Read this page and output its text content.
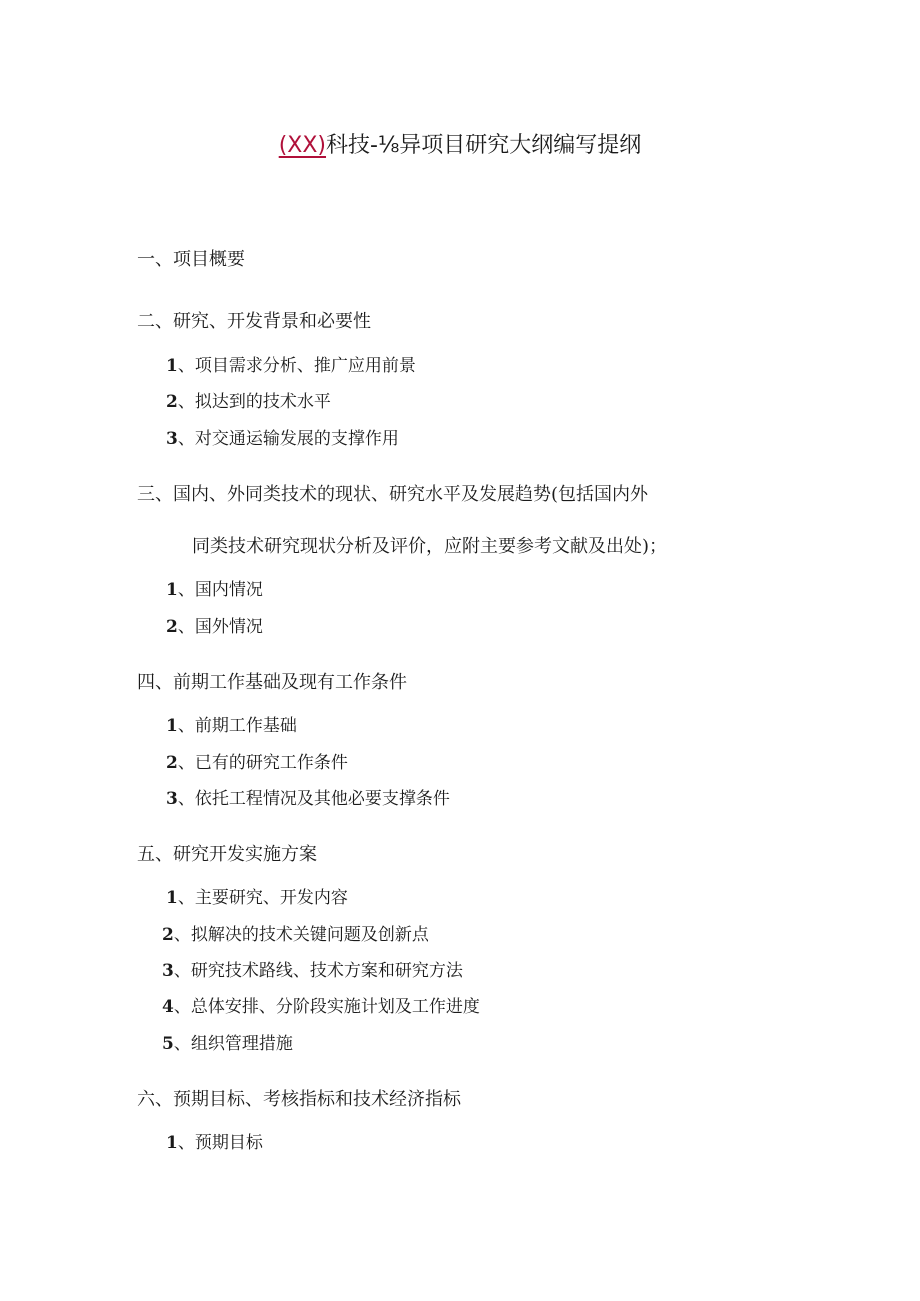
(XX)科技-⅛异项目研究大纲编写提纲
一、项目概要
二、研究、开发背景和必要性
1、项目需求分析、推广应用前景
2、拟达到的技术水平
3、对交通运输发展的支撑作用
三、国内、外同类技术的现状、研究水平及发展趋势(包括国内外
同类技术研究现状分析及评价，应附主要参考文献及出处)；
1、国内情况
2、国外情况
四、前期工作基础及现有工作条件
1、前期工作基础
2、已有的研究工作条件
3、依托工程情况及其他必要支撑条件
五、研究开发实施方案
1、主要研究、开发内容
2、拟解决的技术关键问题及创新点
3、研究技术路线、技术方案和研究方法
4、总体安排、分阶段实施计划及工作进度
5、组织管理措施
六、预期目标、考核指标和技术经济指标
1、预期目标
